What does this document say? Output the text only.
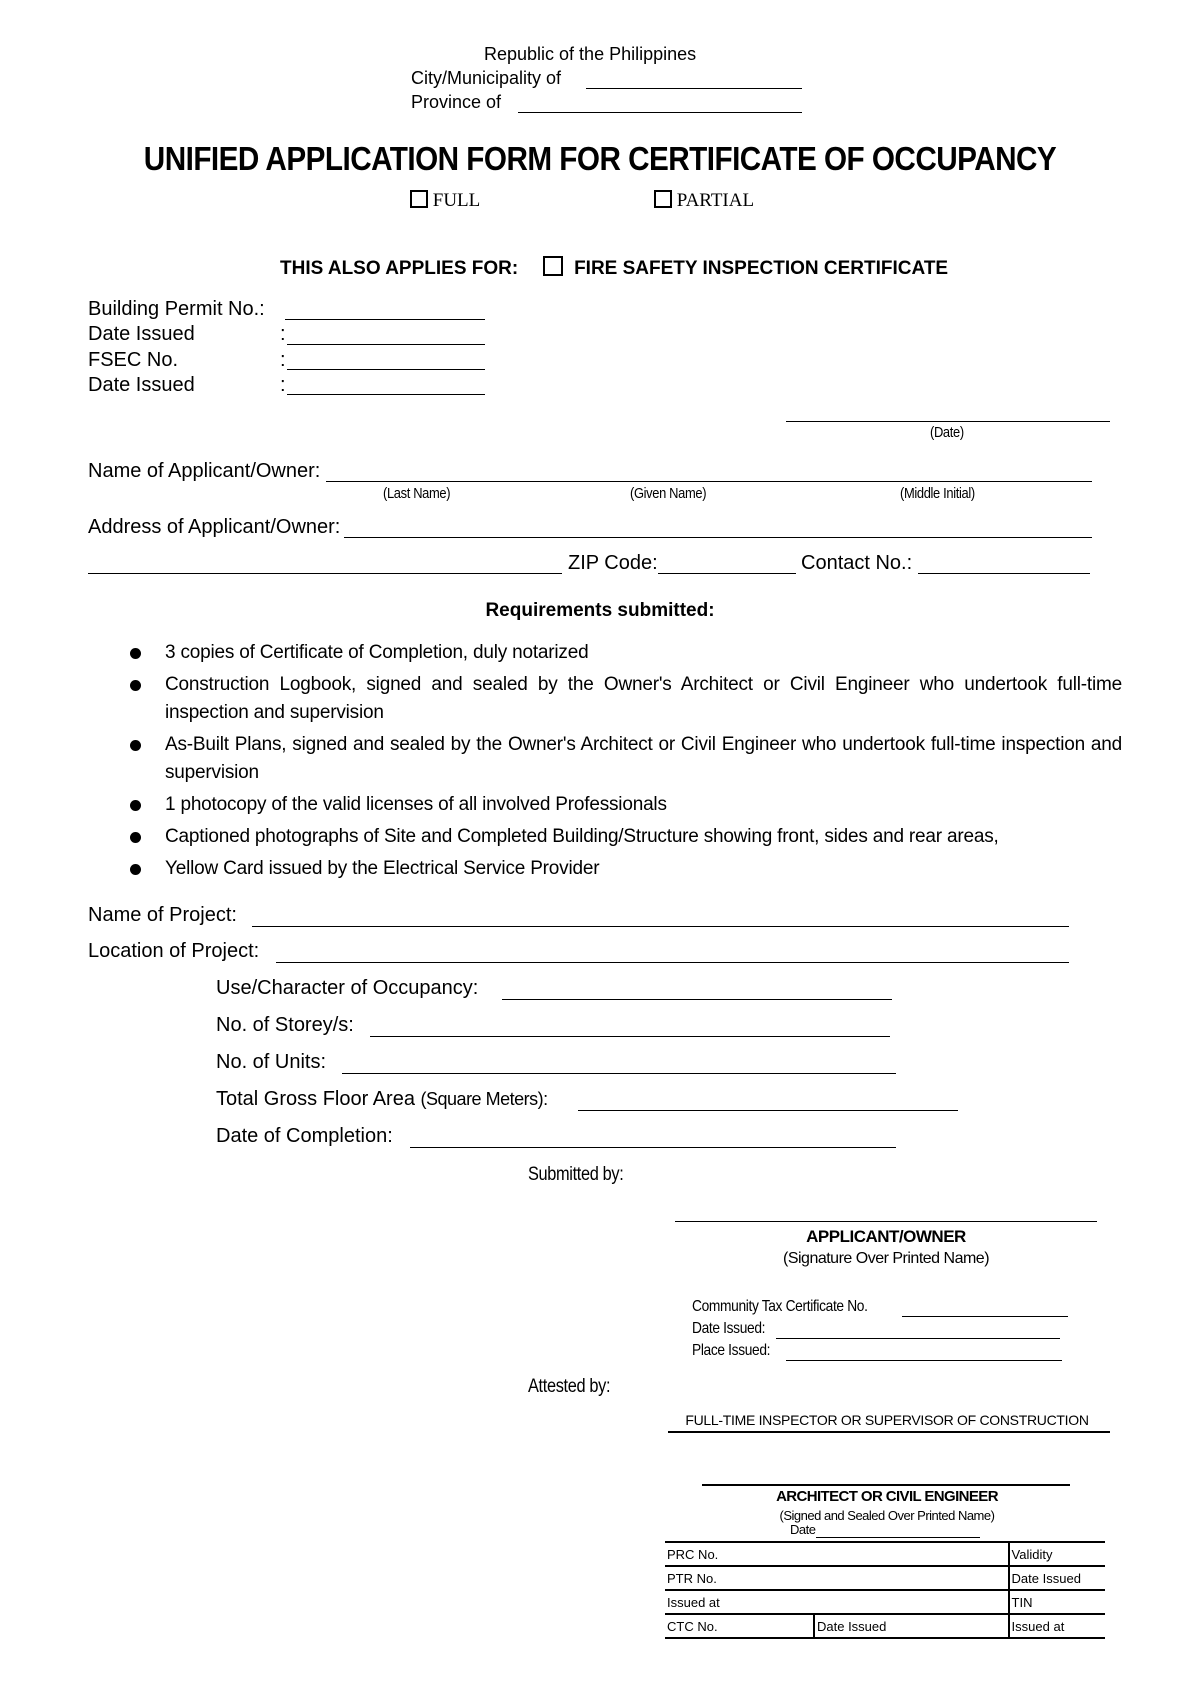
Republic of the Philippines
City/Municipality of
Province of
UNIFIED APPLICATION FORM FOR CERTIFICATE OF OCCUPANCY
FULL	PARTIAL
THIS ALSO APPLIES FOR:	FIRE SAFETY INSPECTION CERTIFICATE
Building Permit No.:
Date Issued	:
FSEC No.	:
Date Issued	:
(Date)
Name of Applicant/Owner:
(Last Name)	(Given Name)	(Middle Initial)
Address of Applicant/Owner:
ZIP Code:	Contact No.:
Requirements submitted:
3 copies of Certificate of Completion, duly notarized
Construction Logbook, signed and sealed by the Owner's Architect or Civil Engineer who undertook full-time inspection and supervision
As-Built Plans, signed and sealed by the Owner's Architect or Civil Engineer who undertook full-time inspection and supervision
1 photocopy of the valid licenses of all involved Professionals
Captioned photographs of Site and Completed Building/Structure showing front, sides and rear areas,
Yellow Card issued by the Electrical Service Provider
Name of Project:
Location of Project:
Use/Character of Occupancy:
No. of Storey/s:
No. of Units:
Total Gross Floor Area (Square Meters):
Date of Completion:
Submitted by:
APPLICANT/OWNER
(Signature Over Printed Name)
Community Tax Certificate No.
Date Issued:
Place Issued:
Attested by:
FULL-TIME INSPECTOR OR SUPERVISOR OF CONSTRUCTION
ARCHITECT OR CIVIL ENGINEER
(Signed and Sealed Over Printed Name)
Date
PRC No.		Validity
PTR No.		Date Issued
Issued at		TIN
CTC No.	Date Issued	Issued at
